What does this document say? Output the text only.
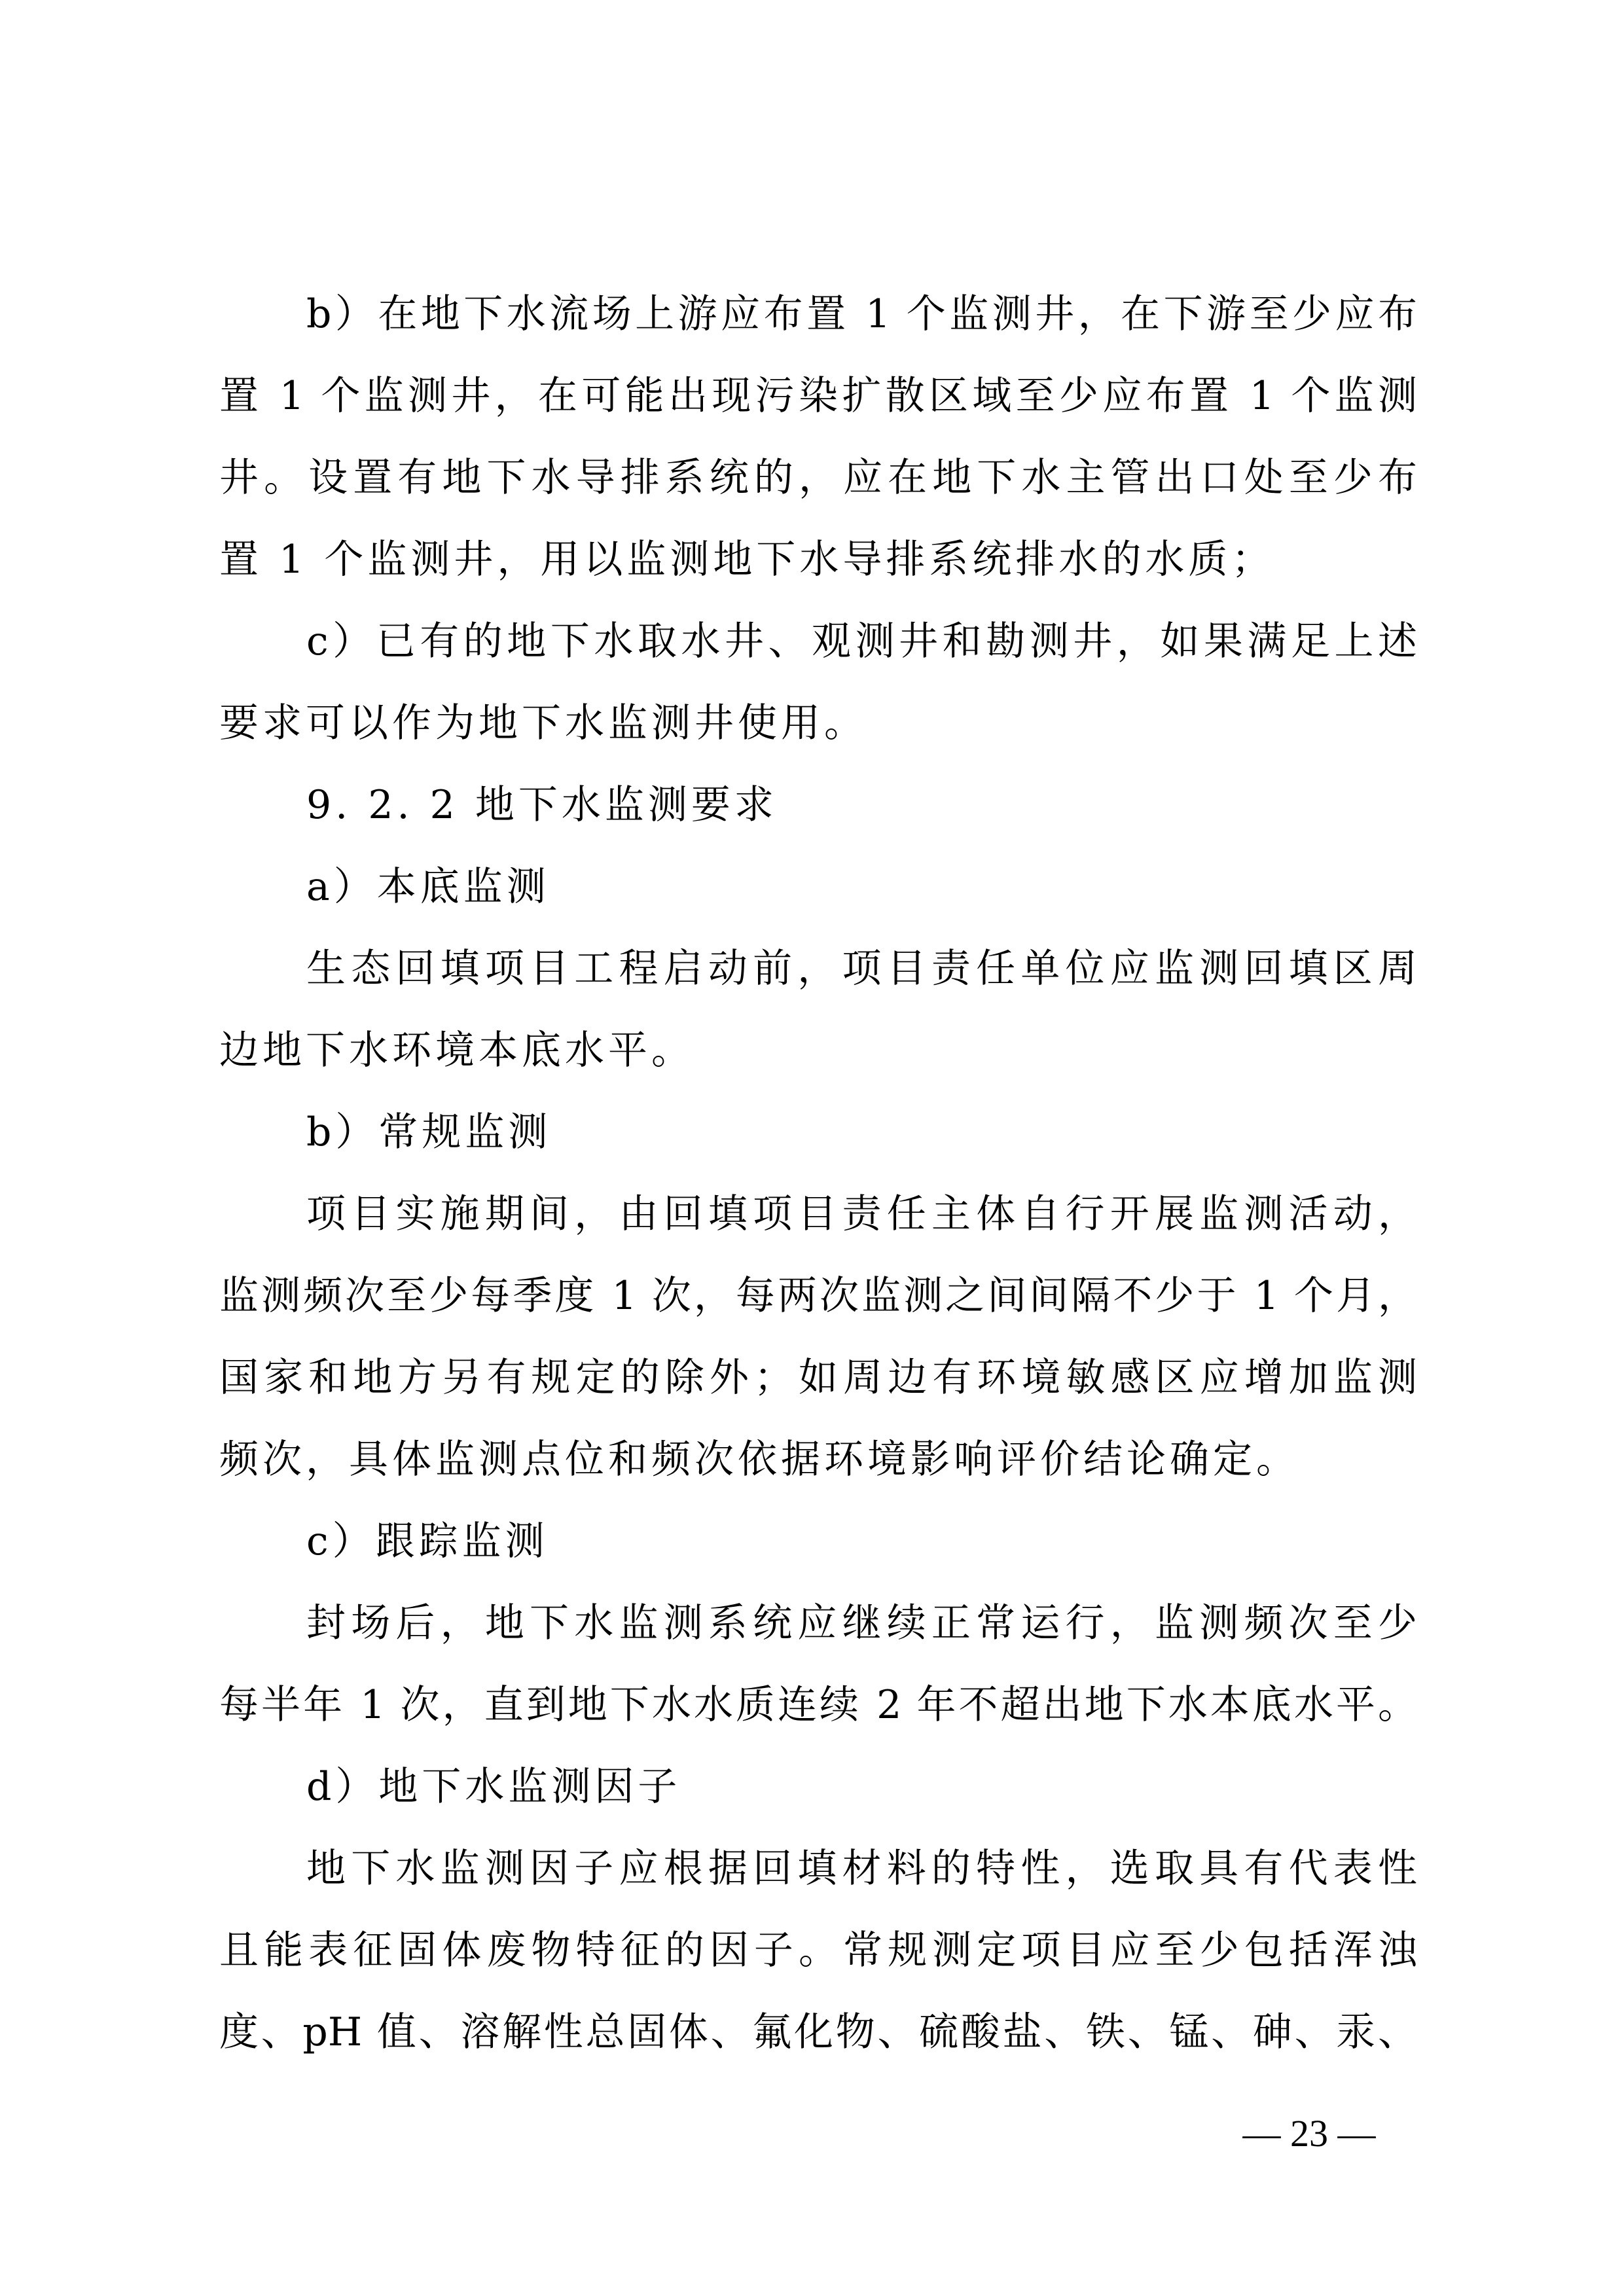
b）在地下水流场上游应布置 1 个监测井，在下游至少应布
置 1 个监测井，在可能出现污染扩散区域至少应布置 1 个监测
井。设置有地下水导排系统的，应在地下水主管出口处至少布
置 1 个监测井，用以监测地下水导排系统排水的水质；
c）已有的地下水取水井、观测井和勘测井，如果满足上述
要求可以作为地下水监测井使用。
9. 2. 2 地下水监测要求
a）本底监测
生态回填项目工程启动前，项目责任单位应监测回填区周
边地下水环境本底水平。
b）常规监测
项目实施期间，由回填项目责任主体自行开展监测活动，
监测频次至少每季度 1 次，每两次监测之间间隔不少于 1 个月，
国家和地方另有规定的除外；如周边有环境敏感区应增加监测
频次，具体监测点位和频次依据环境影响评价结论确定。
c）跟踪监测
封场后，地下水监测系统应继续正常运行，监测频次至少
每半年 1 次，直到地下水水质连续 2 年不超出地下水本底水平。
d）地下水监测因子
地下水监测因子应根据回填材料的特性，选取具有代表性
且能表征固体废物特征的因子。常规测定项目应至少包括浑浊
度、pH 值、溶解性总固体、氟化物、硫酸盐、铁、锰、砷、汞、
— 23 —
